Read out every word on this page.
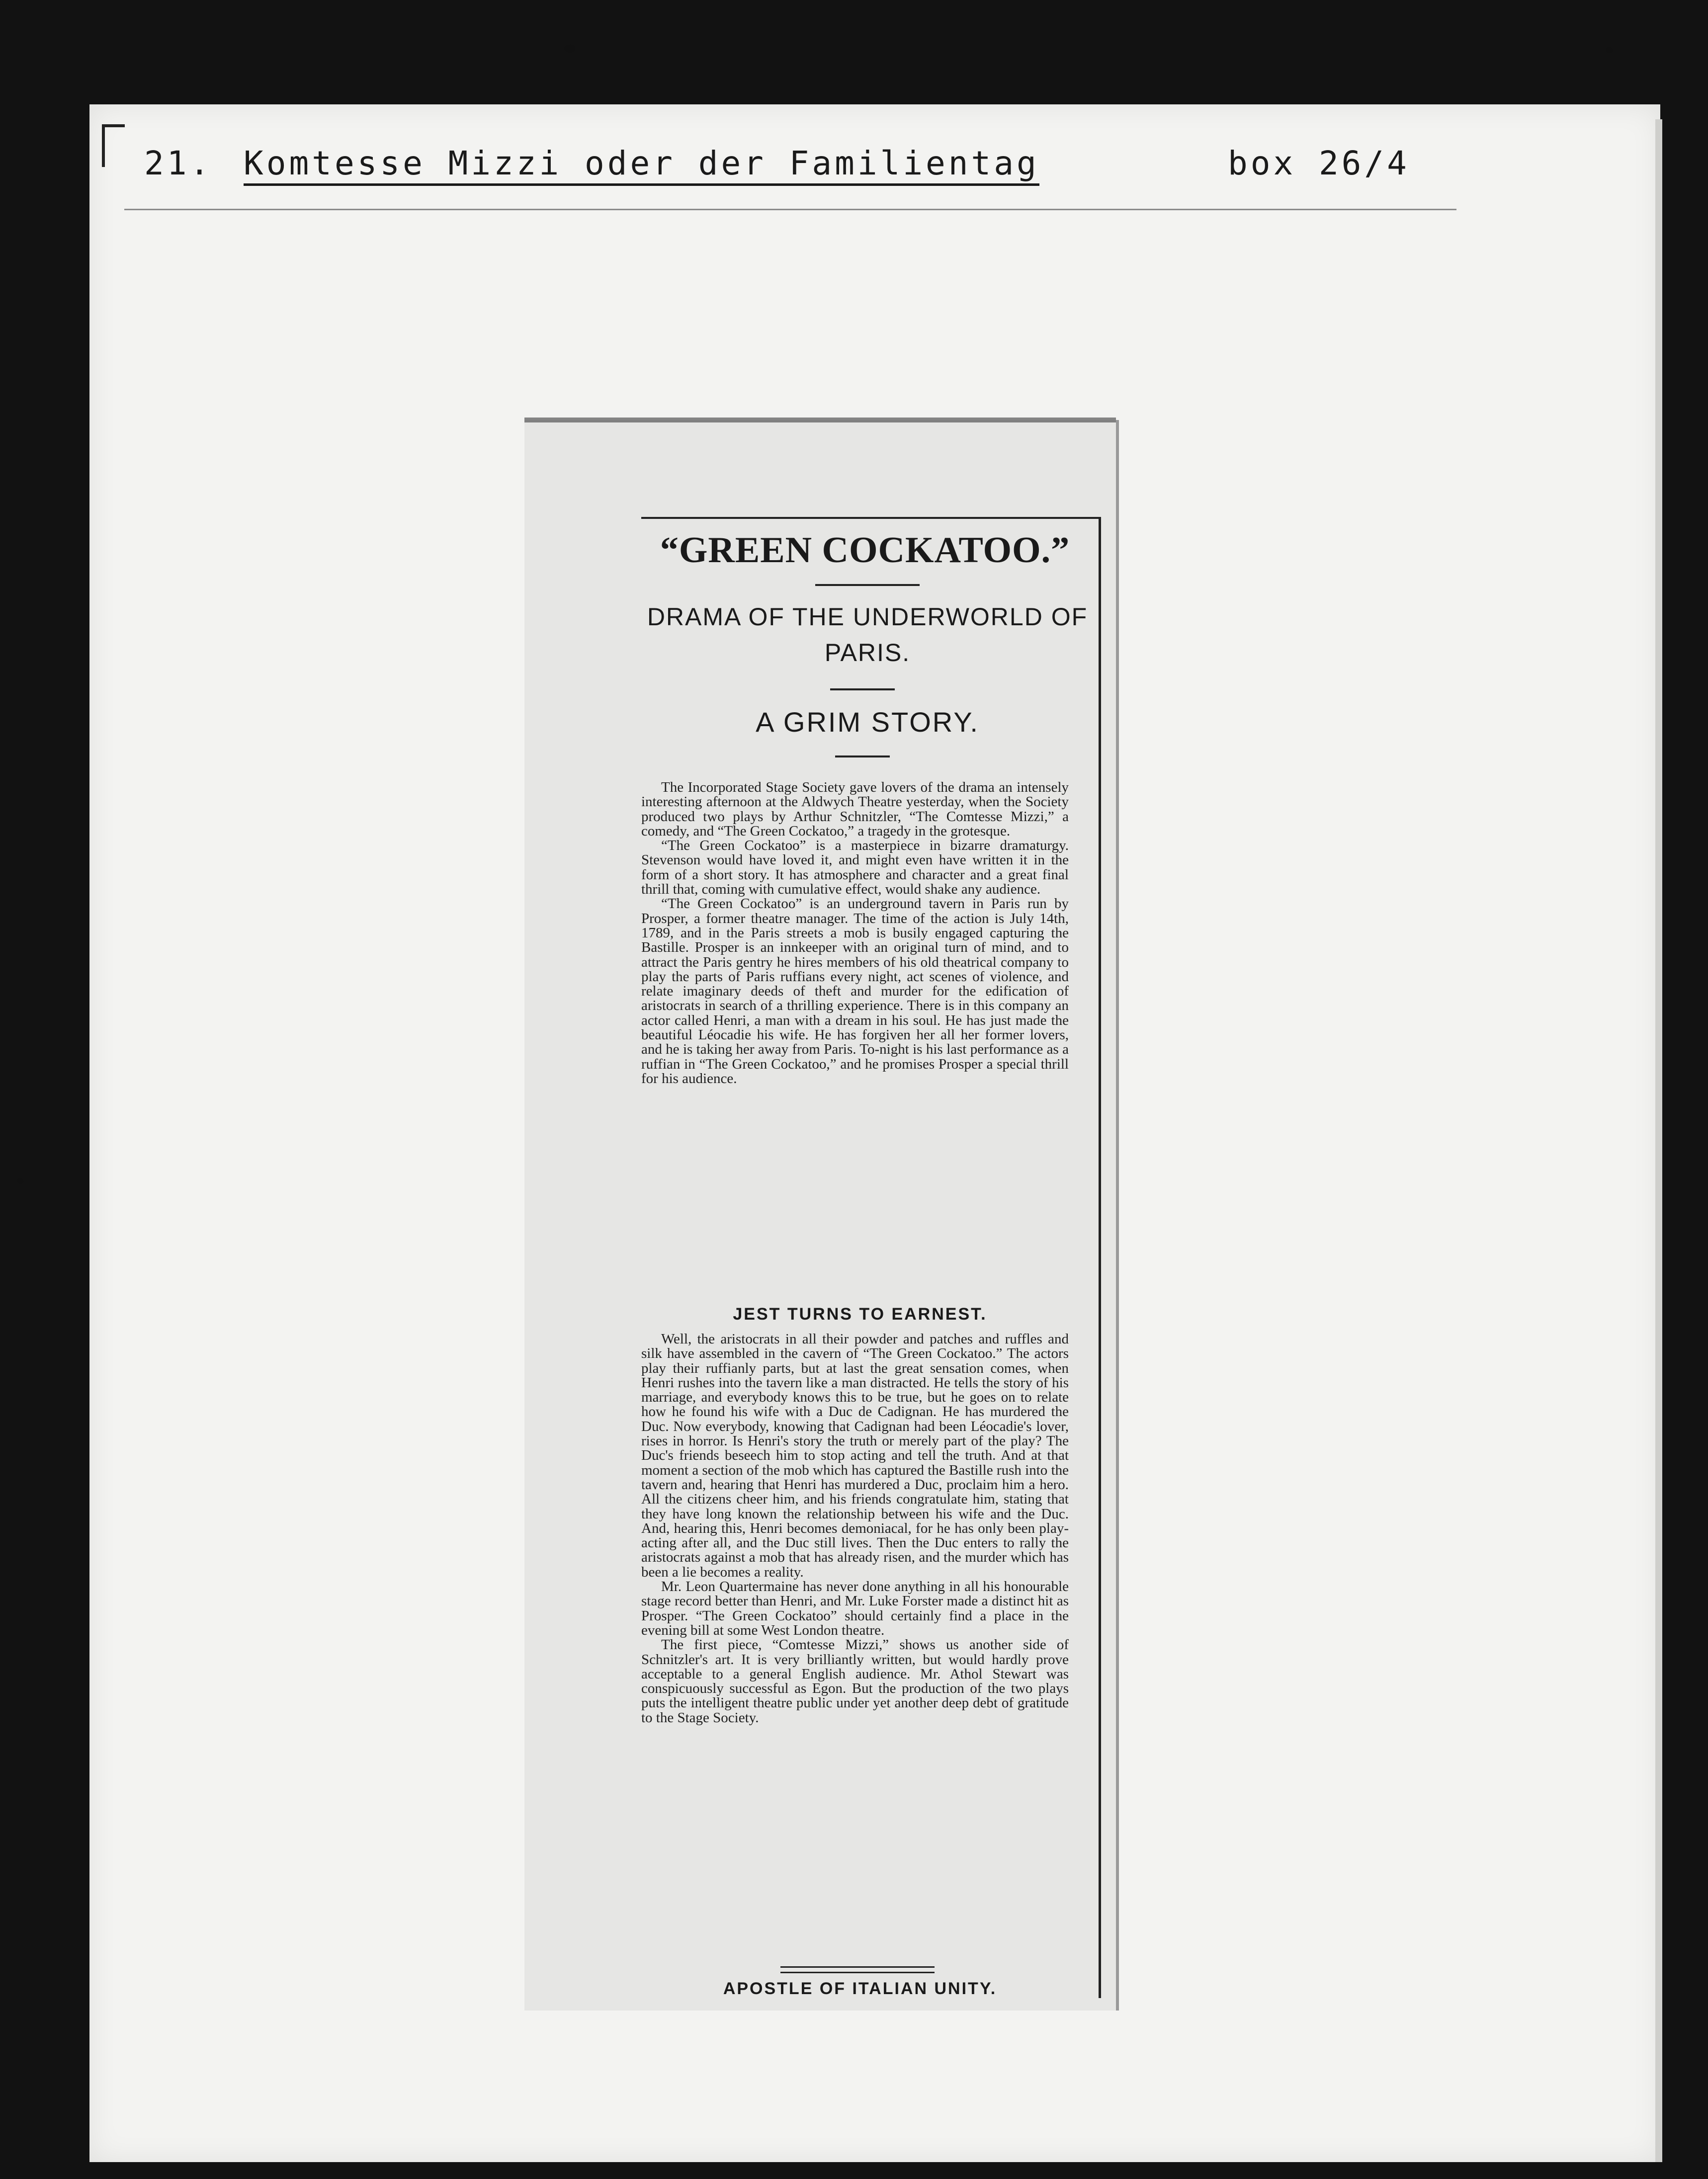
21. Komtesse Mizzi oder der Familientag	box 26/4
“GREEN COCKATOO.”
DRAMA OF THE UNDERWORLD OF PARIS.
A GRIM STORY.

The Incorporated Stage Society gave lovers of the drama an intensely interesting afternoon at the Aldwych Theatre yesterday, when the Society produced two plays by Arthur Schnitzler, “The Comtesse Mizzi,” a comedy, and “The Green Cockatoo,” a tragedy in the grotesque.

“The Green Cockatoo” is a masterpiece in bizarre dramaturgy. Stevenson would have loved it, and might even have written it in the form of a short story. It has atmosphere and character and a great final thrill that, coming with cumulative effect, would shake any audience.

“The Green Cockatoo” is an underground tavern in Paris run by Prosper, a former theatre manager. The time of the action is July 14th, 1789, and in the Paris streets a mob is busily engaged capturing the Bastille. Prosper is an innkeeper with an original turn of mind, and to attract the Paris gentry he hires members of his old theatrical company to play the parts of Paris ruffians every night, act scenes of violence, and relate imaginary deeds of theft and murder for the edification of aristocrats in search of a thrilling experience. There is in this company an actor called Henri, a man with a dream in his soul. He has just made the beautiful Léocadie his wife. He has forgiven her all her former lovers, and he is taking her away from Paris. To-night is his last performance as a ruffian in “The Green Cockatoo,” and he promises Prosper a special thrill for his audience.

JEST TURNS TO EARNEST.

Well, the aristocrats in all their powder and patches and ruffles and silk have assembled in the cavern of “The Green Cockatoo.” The actors play their ruffianly parts, but at last the great sensation comes, when Henri rushes into the tavern like a man distracted. He tells the story of his marriage, and everybody knows this to be true, but he goes on to relate how he found his wife with a Duc de Cadignan. He has murdered the Duc. Now everybody, knowing that Cadignan had been Léocadie's lover, rises in horror. Is Henri's story the truth or merely part of the play? The Duc's friends beseech him to stop acting and tell the truth. And at that moment a section of the mob which has captured the Bastille rush into the tavern and, hearing that Henri has murdered a Duc, proclaim him a hero. All the citizens cheer him, and his friends congratulate him, stating that they have long known the relationship between his wife and the Duc. And, hearing this, Henri becomes demoniacal, for he has only been play-acting after all, and the Duc still lives. Then the Duc enters to rally the aristocrats against a mob that has already risen, and the murder which has been a lie becomes a reality.

Mr. Leon Quartermaine has never done anything in all his honourable stage record better than Henri, and Mr. Luke Forster made a distinct hit as Prosper. “The Green Cockatoo” should certainly find a place in the evening bill at some West London theatre.

The first piece, “Comtesse Mizzi,” shows us another side of Schnitzler's art. It is very brilliantly written, but would hardly prove acceptable to a general English audience. Mr. Athol Stewart was conspicuously successful as Egon. But the production of the two plays puts the intelligent theatre public under yet another deep debt of gratitude to the Stage Society.

APOSTLE OF ITALIAN UNITY.
